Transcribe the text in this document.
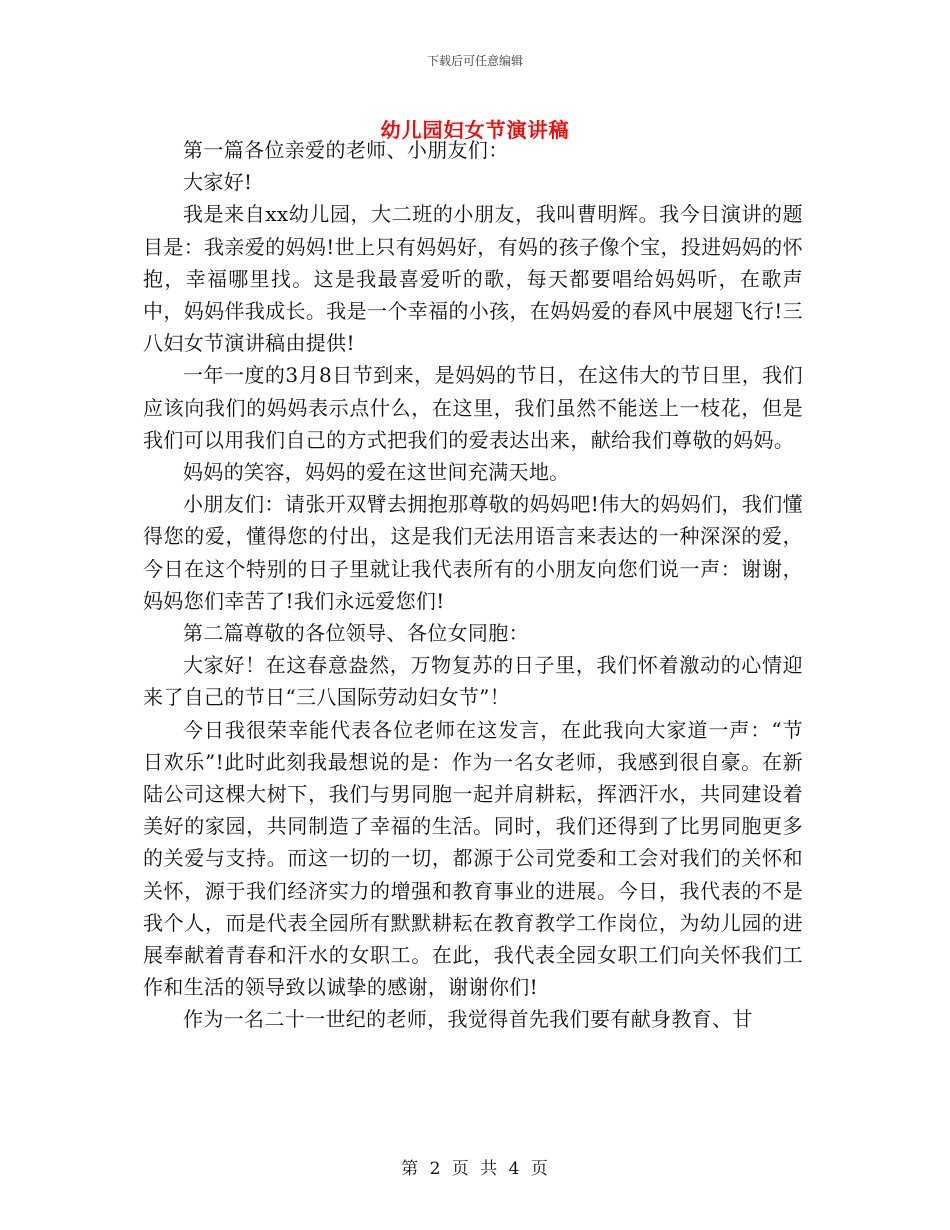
下载后可任意编辑
幼儿园妇女节演讲稿

第一篇各位亲爱的老师、小朋友们：

大家好!

我是来自xx幼儿园，大二班的小朋友，我叫曹明辉。我今日演讲的题目是：我亲爱的妈妈!世上只有妈妈好，有妈的孩子像个宝，投进妈妈的怀抱，幸福哪里找。这是我最喜爱听的歌，每天都要唱给妈妈听，在歌声中，妈妈伴我成长。我是一个幸福的小孩，在妈妈爱的春风中展翅飞行!三八妇女节演讲稿由提供!

一年一度的3月8日节到来，是妈妈的节日，在这伟大的节日里，我们应该向我们的妈妈表示点什么，在这里，我们虽然不能送上一枝花，但是我们可以用我们自己的方式把我们的爱表达出来，献给我们尊敬的妈妈。

妈妈的笑容，妈妈的爱在这世间充满天地。

小朋友们：请张开双臂去拥抱那尊敬的妈妈吧!伟大的妈妈们，我们懂得您的爱，懂得您的付出，这是我们无法用语言来表达的一种深深的爱，今日在这个特别的日子里就让我代表所有的小朋友向您们说一声：谢谢，妈妈您们幸苦了!我们永远爱您们!

第二篇尊敬的各位领导、各位女同胞：

大家好！在这春意盎然，万物复苏的日子里，我们怀着激动的心情迎来了自己的节日“三八国际劳动妇女节”！

今日我很荣幸能代表各位老师在这发言，在此我向大家道一声：“节日欢乐”!此时此刻我最想说的是：作为一名女老师，我感到很自豪。在新陆公司这棵大树下，我们与男同胞一起并肩耕耘，挥洒汗水，共同建设着美好的家园，共同制造了幸福的生活。同时，我们还得到了比男同胞更多的关爱与支持。而这一切的一切，都源于公司党委和工会对我们的关怀和关怀，源于我们经济实力的增强和教育事业的进展。今日，我代表的不是我个人，而是代表全园所有默默耕耘在教育教学工作岗位，为幼儿园的进展奉献着青春和汗水的女职工。在此，我代表全园女职工们向关怀我们工作和生活的领导致以诚挚的感谢，谢谢你们!

作为一名二十一世纪的老师，我觉得首先我们要有献身教育、甘

第 2 页 共 4 页
